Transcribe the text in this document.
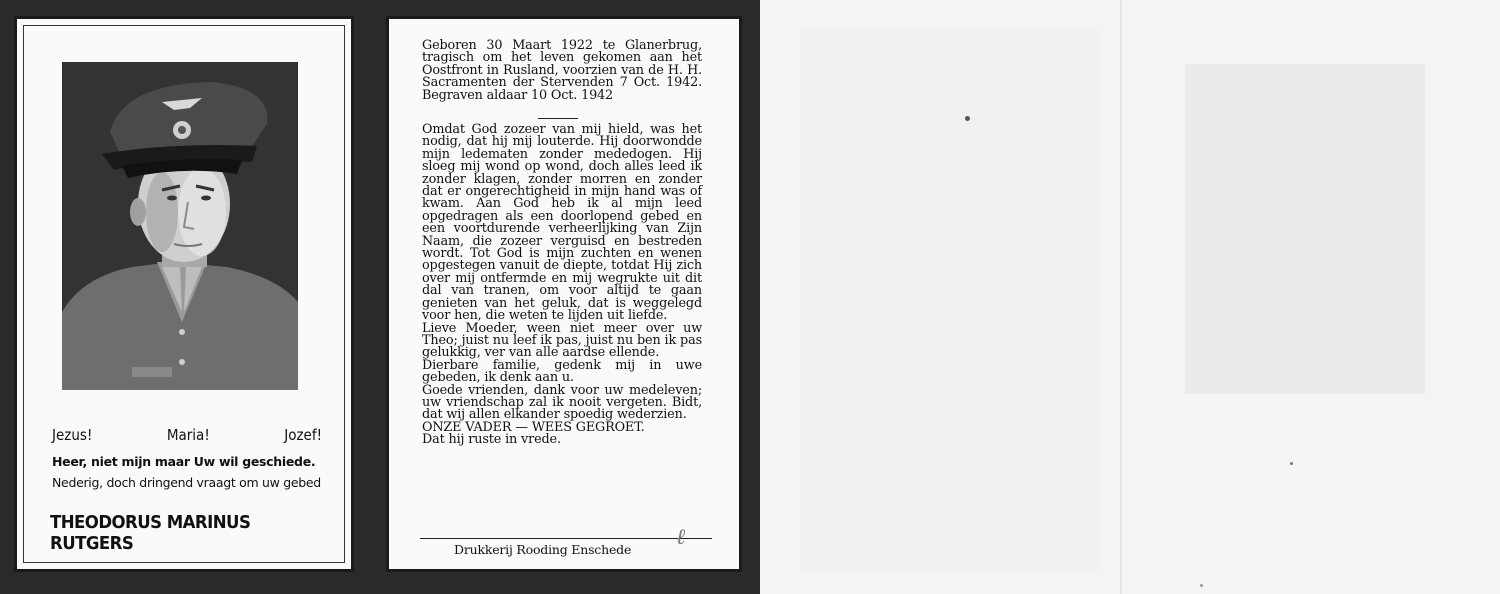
Jezus!	Maria!	Jozef!
Heer, niet mijn maar Uw wil geschiede.
Nederig, doch dringend vraagt om uw gebed
THEODORUS MARINUS RUTGERS
Geboren 30 Maart 1922 te Glanerbrug, tragisch om het leven gekomen aan het Oostfront in Rusland, voorzien van de H. H. Sacramenten der Stervenden 7 Oct. 1942. Begraven aldaar 10 Oct. 1942

Omdat God zozeer van mij hield, was het nodig, dat hij mij louterde. Hij doorwondde mijn ledematen zonder mededogen. Hij sloeg mij wond op wond, doch alles leed ik zonder klagen, zonder morren en zonder dat er ongerechtigheid in mijn hand was of kwam. Aan God heb ik al mijn leed opgedragen als een doorlopend gebed en een voortdurende verheerlijking van Zijn Naam, die zozeer verguisd en bestreden wordt. Tot God is mijn zuchten en wenen opgestegen vanuit de diepte, totdat Hij zich over mij ontfermde en mij wegrukte uit dit dal van tranen, om voor altijd te gaan genieten van het geluk, dat is weggelegd voor hen, die weten te lijden uit liefde.

Lieve Moeder, ween niet meer over uw Theo; juist nu leef ik pas, juist nu ben ik pas gelukkig, ver van alle aardse ellende.

Dierbare familie, gedenk mij in uwe gebeden, ik denk aan u.

Goede vrienden, dank voor uw medeleven; uw vriendschap zal ik nooit vergeten. Bidt, dat wij allen elkander spoedig wederzien.

ONZE VADER — WEES GEGROET.

Dat hij ruste in vrede.

Drukkerij Rooding Enschede ℓ
